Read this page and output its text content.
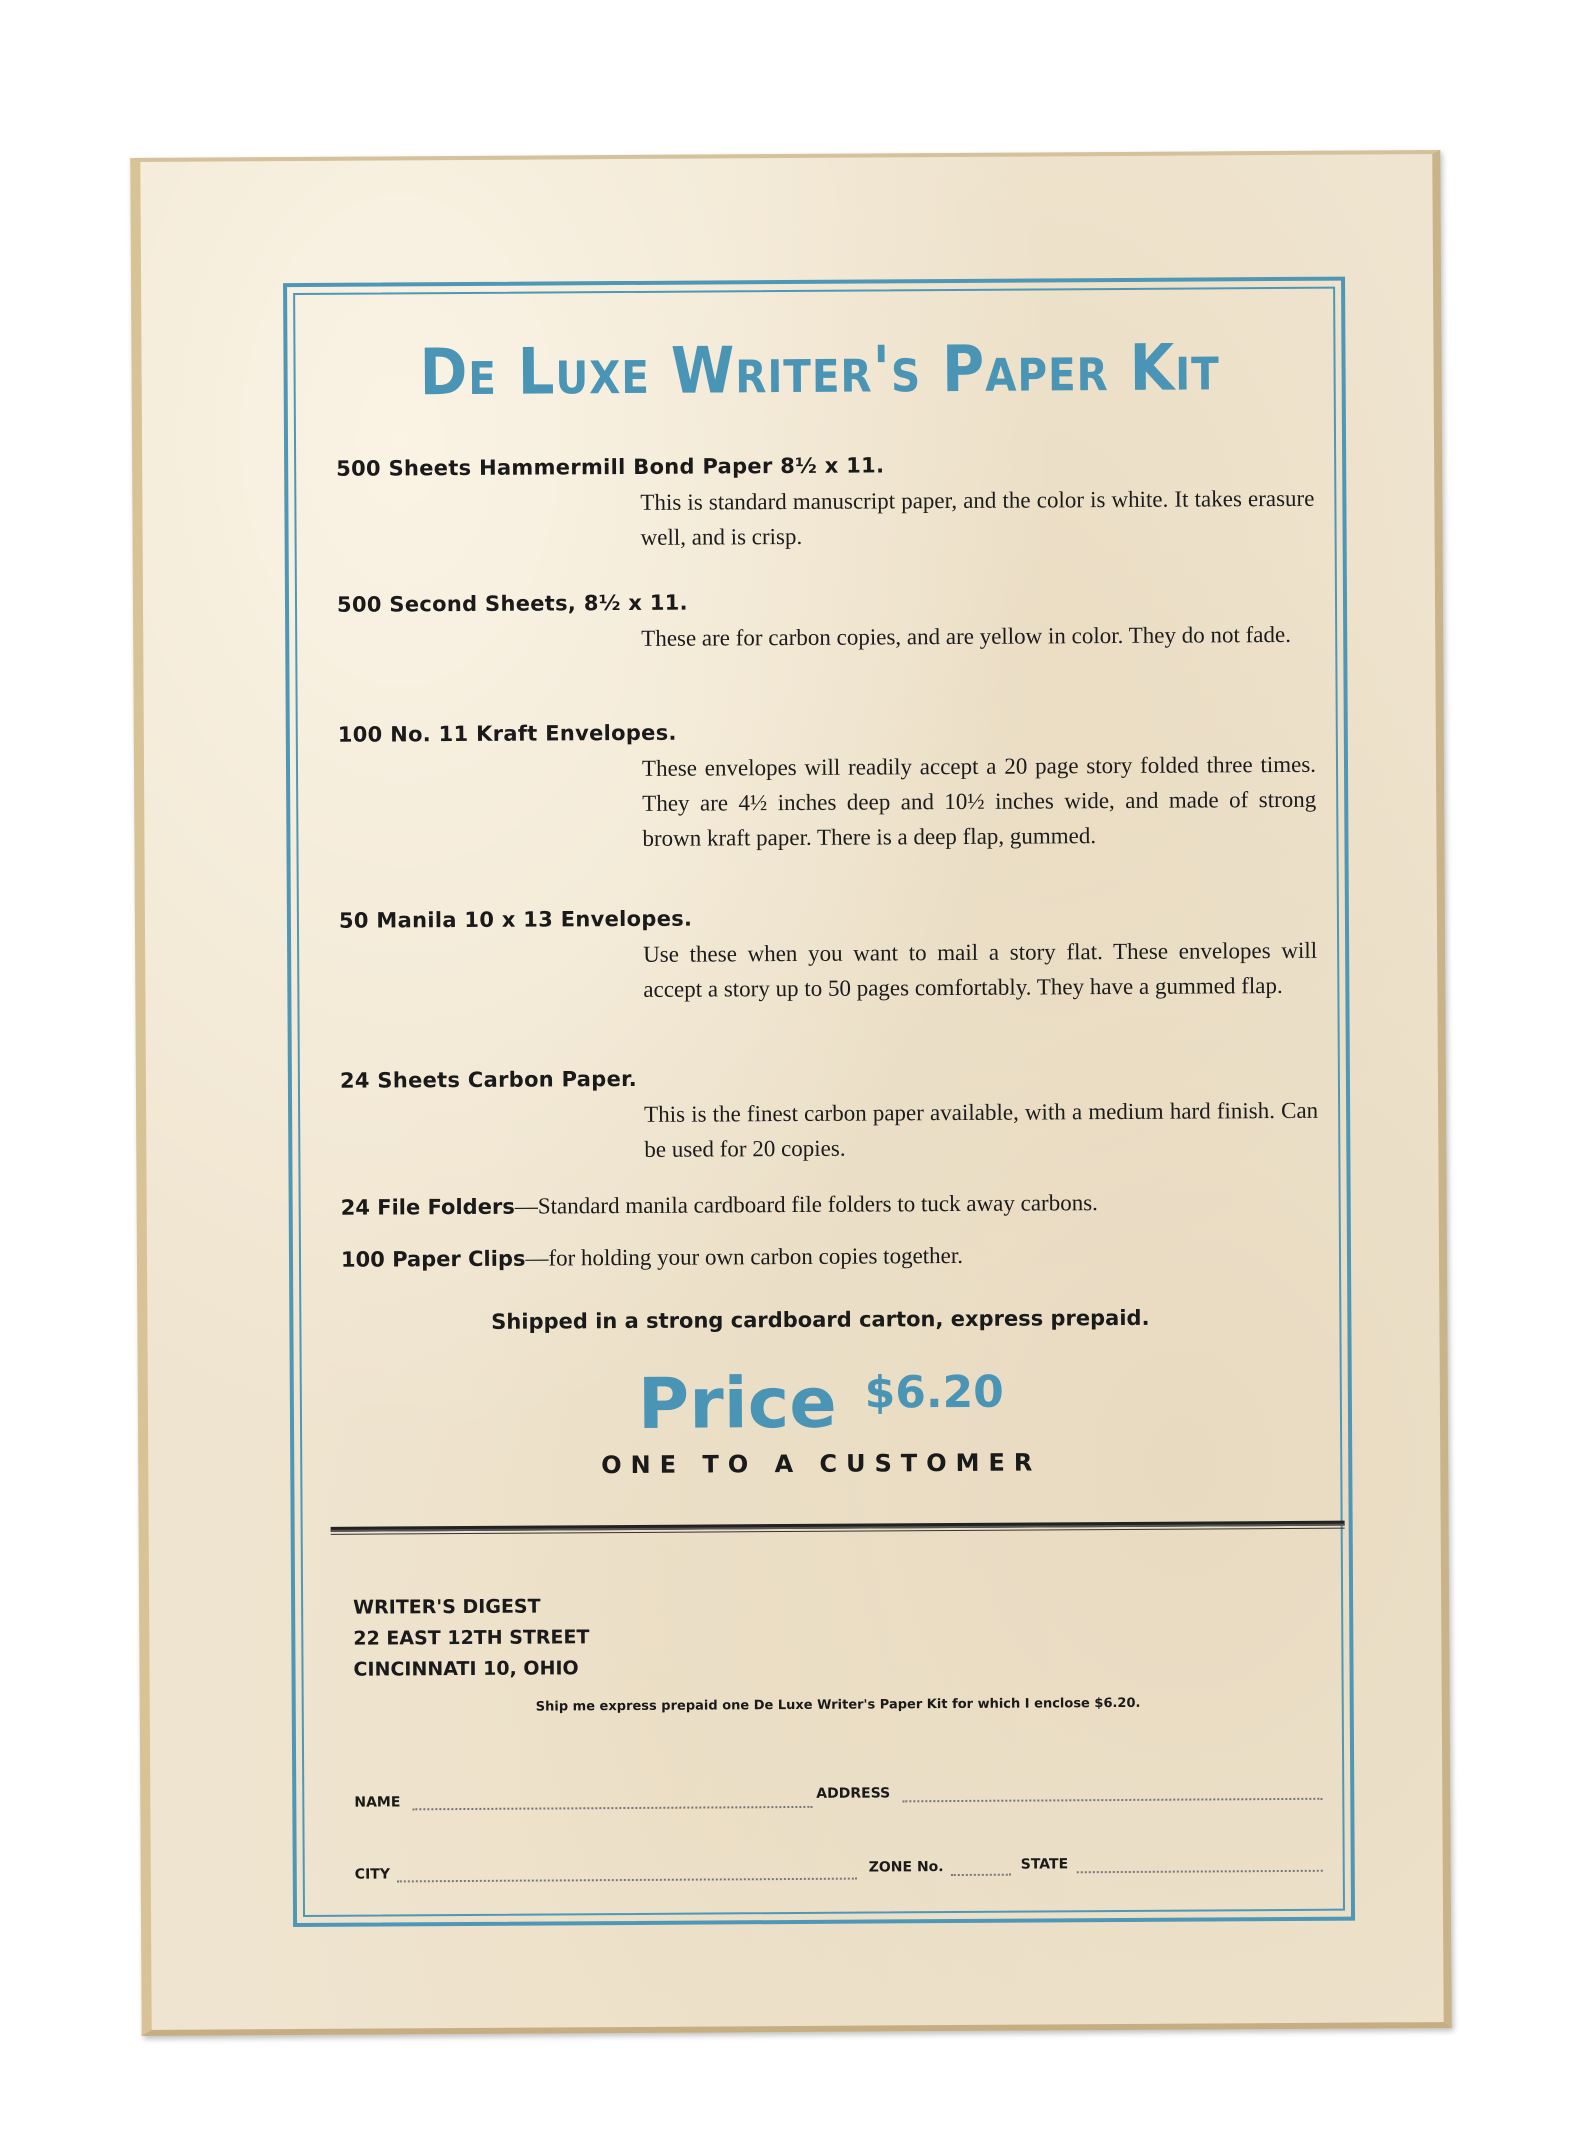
De Luxe Writer's Paper Kit
500 Sheets Hammermill Bond Paper 8½ x 11.
This is standard manuscript paper, and the color is white. It takes erasure well, and is crisp.
500 Second Sheets, 8½ x 11.
These are for carbon copies, and are yellow in color. They do not fade.
100 No. 11 Kraft Envelopes.
These envelopes will readily accept a 20 page story folded three times. They are 4½ inches deep and 10½ inches wide, and made of strong brown kraft paper. There is a deep flap, gummed.
50 Manila 10 x 13 Envelopes.
Use these when you want to mail a story flat. These envelopes will accept a story up to 50 pages comfortably. They have a gummed flap.
24 Sheets Carbon Paper.
This is the finest carbon paper available, with a medium hard finish. Can be used for 20 copies.
24 File Folders—Standard manila cardboard file folders to tuck away carbons.
100 Paper Clips—for holding your own carbon copies together.
Shipped in a strong cardboard carton, express prepaid.
Price $^{\$6.20}$
ONE TO A CUSTOMER
WRITER'S DIGEST
22 EAST 12TH STREET
CINCINNATI 10, OHIO
Ship me express prepaid one De Luxe Writer's Paper Kit for which I enclose $6.20.
NAME
ADDRESS
CITY	ZONE No.	STATE
